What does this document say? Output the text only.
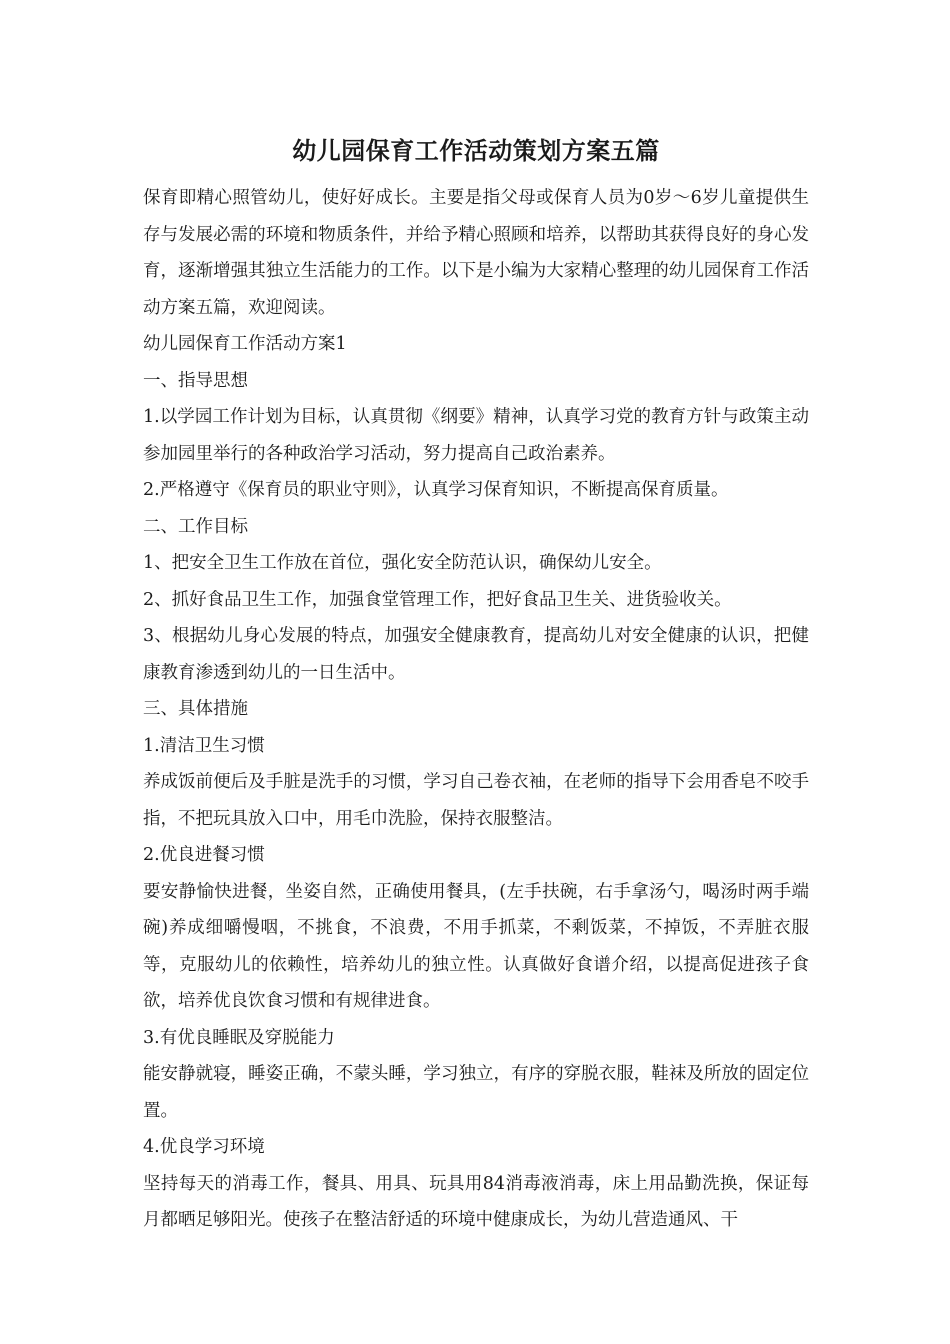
幼儿园保育工作活动策划方案五篇

保育即精心照管幼儿，使好好成长。主要是指父母或保育人员为0岁～6岁儿童提供生存与发展必需的环境和物质条件，并给予精心照顾和培养，以帮助其获得良好的身心发育，逐渐增强其独立生活能力的工作。以下是小编为大家精心整理的幼儿园保育工作活动方案五篇，欢迎阅读。

幼儿园保育工作活动方案1

一、指导思想

1.以学园工作计划为目标，认真贯彻《纲要》精神，认真学习党的教育方针与政策主动参加园里举行的各种政治学习活动，努力提高自己政治素养。

2.严格遵守《保育员的职业守则》，认真学习保育知识，不断提高保育质量。

二、工作目标

1、把安全卫生工作放在首位，强化安全防范认识，确保幼儿安全。

2、抓好食品卫生工作，加强食堂管理工作，把好食品卫生关、进货验收关。

3、根据幼儿身心发展的特点，加强安全健康教育，提高幼儿对安全健康的认识，把健康教育渗透到幼儿的一日生活中。

三、具体措施

1.清洁卫生习惯

养成饭前便后及手脏是洗手的习惯，学习自己卷衣袖，在老师的指导下会用香皂不咬手指，不把玩具放入口中，用毛巾洗脸，保持衣服整洁。

2.优良进餐习惯

要安静愉快进餐，坐姿自然，正确使用餐具，(左手扶碗，右手拿汤勺，喝汤时两手端碗)养成细嚼慢咽，不挑食，不浪费，不用手抓菜，不剩饭菜，不掉饭，不弄脏衣服等，克服幼儿的依赖性，培养幼儿的独立性。认真做好食谱介绍，以提高促进孩子食欲，培养优良饮食习惯和有规律进食。

3.有优良睡眠及穿脱能力

能安静就寝，睡姿正确，不蒙头睡，学习独立，有序的穿脱衣服，鞋袜及所放的固定位置。

4.优良学习环境

坚持每天的消毒工作，餐具、用具、玩具用84消毒液消毒，床上用品勤洗换，保证每月都晒足够阳光。使孩子在整洁舒适的环境中健康成长，为幼儿营造通风、干
